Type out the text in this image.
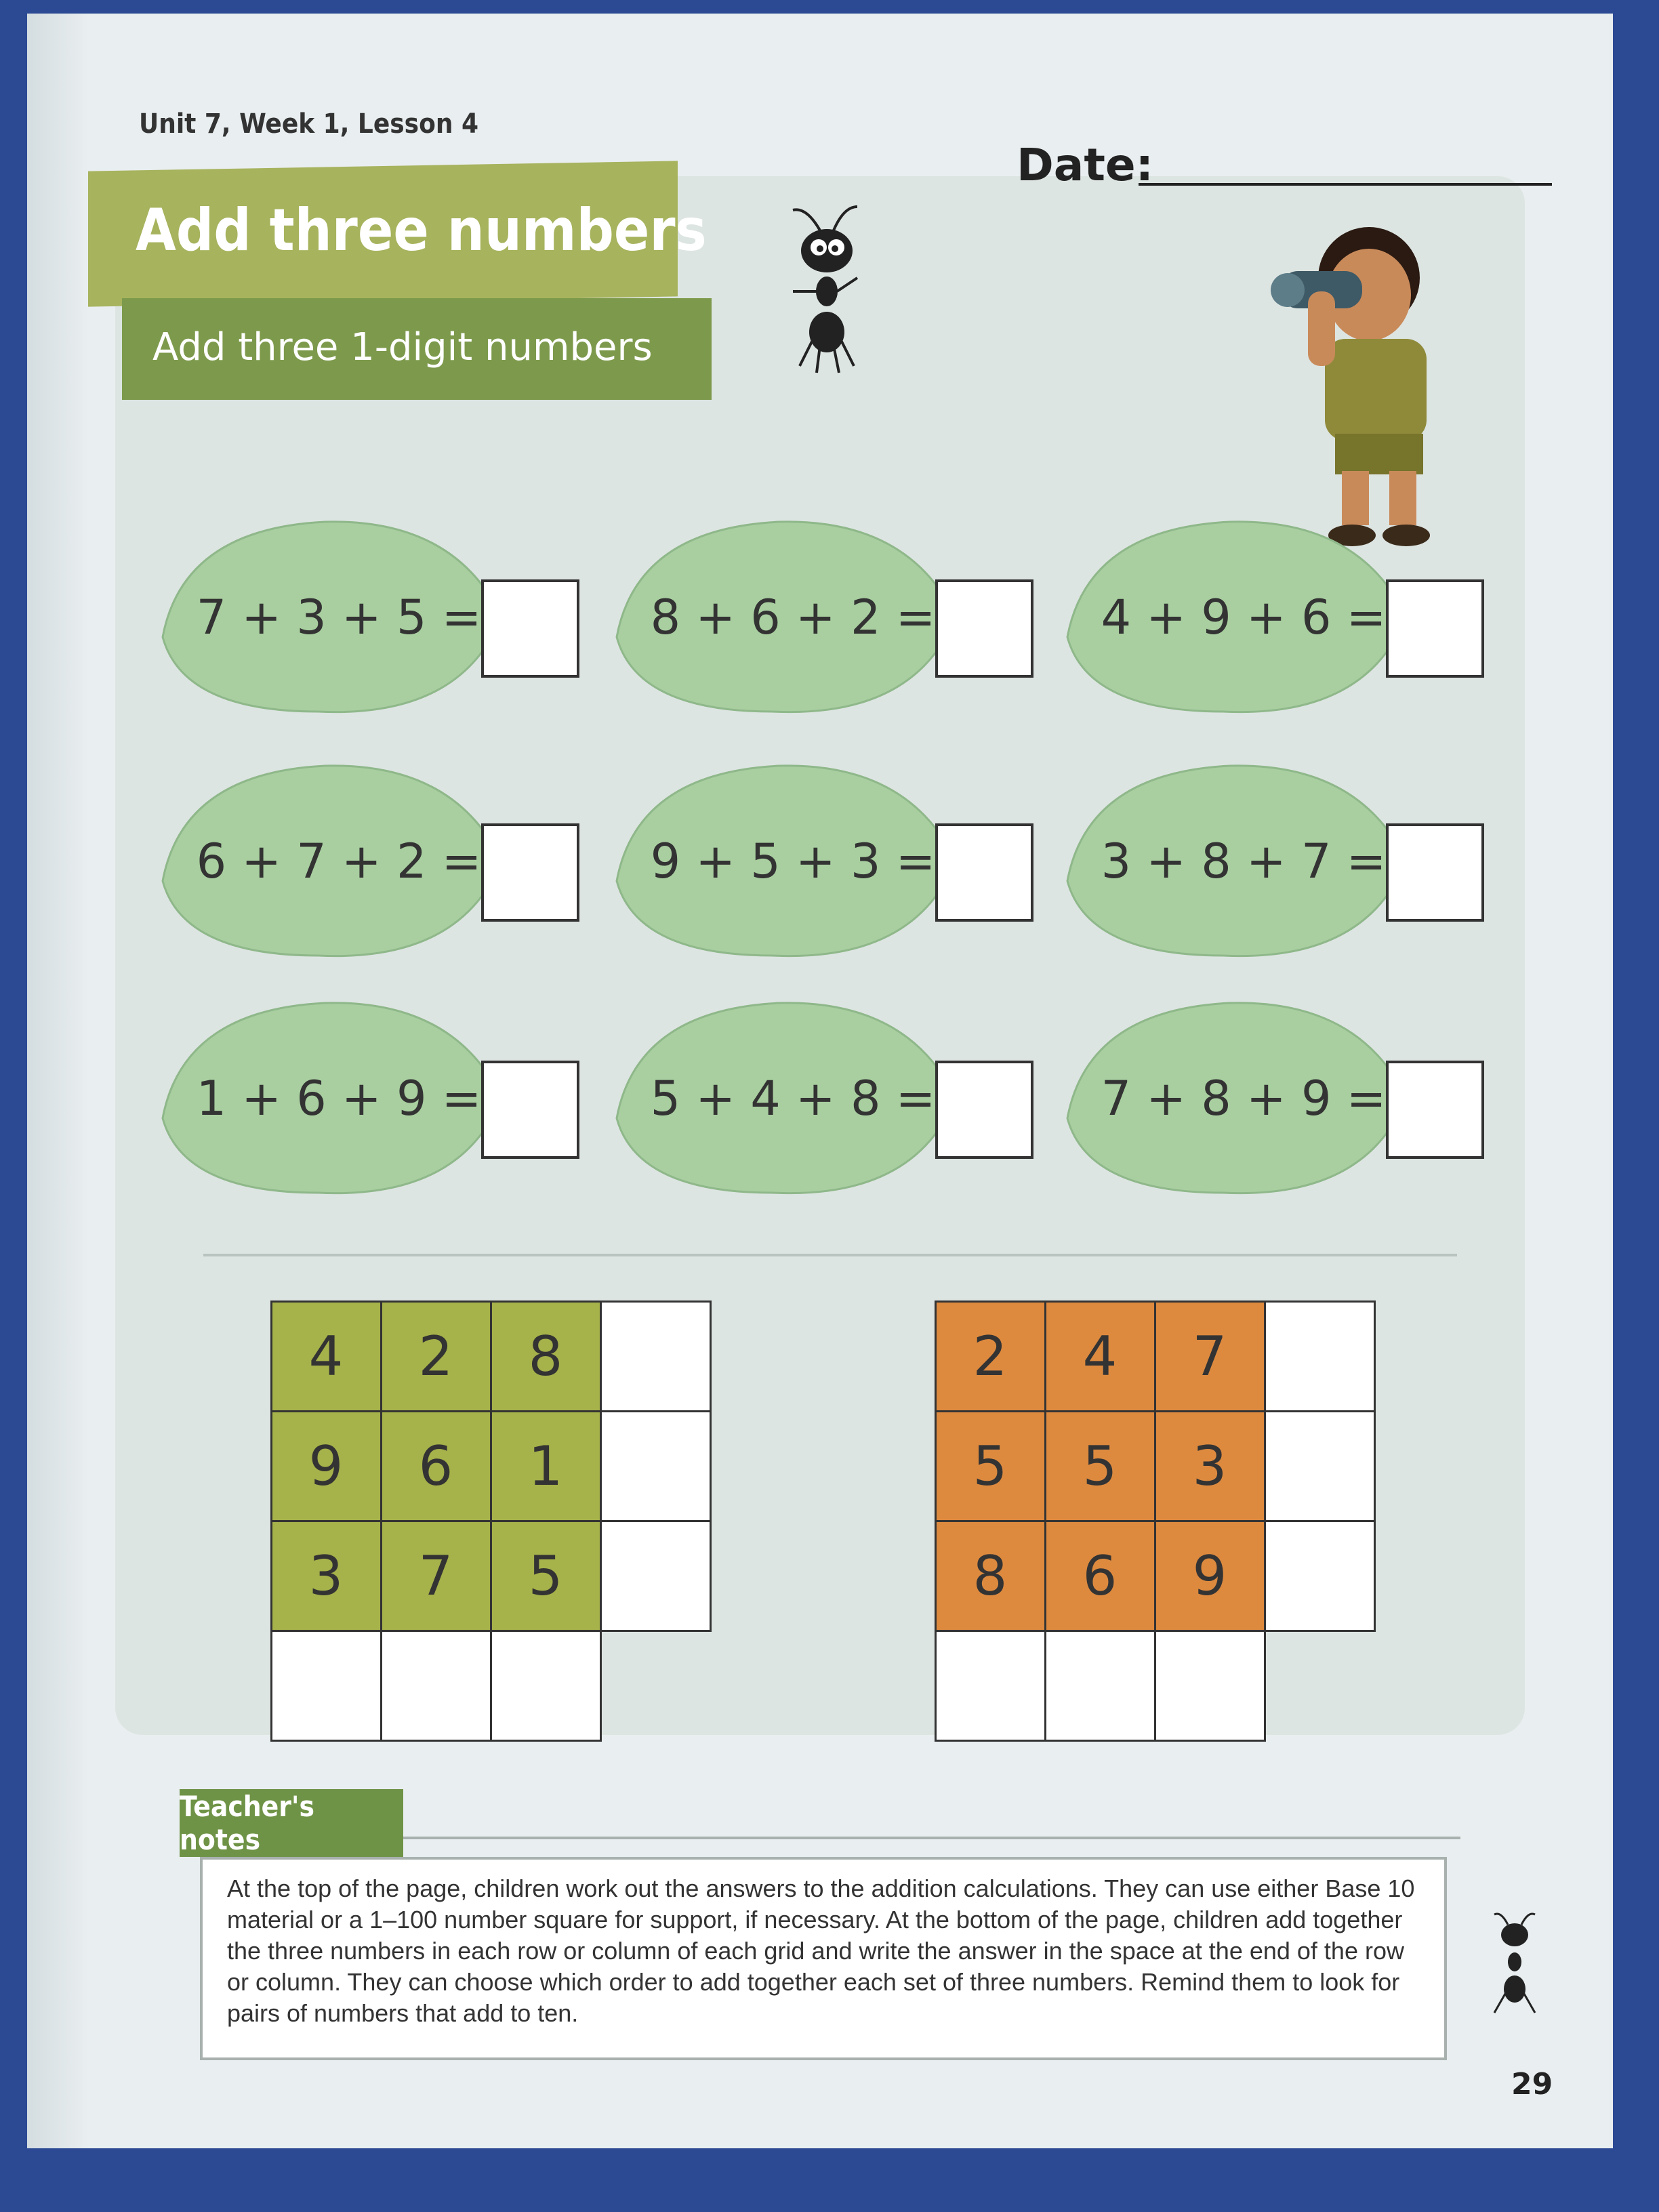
Unit 7, Week 1, Lesson 4
Date:
Add three numbers
Add three 1-digit numbers
7 + 3 + 5 =	8 + 6 + 2 =	4 + 9 + 6 =
6 + 7 + 2 =	9 + 5 + 3 =	3 + 8 + 7 =
1 + 6 + 9 =	5 + 4 + 8 =	7 + 8 + 9 =
4	2	8
9	6	1
3	7	5
2	4	7
5	5	3
8	6	9
Teacher's notes
At the top of the page, children work out the answers to the addition calculations. They can use either Base 10 material or a 1–100 number square for support, if necessary. At the bottom of the page, children add together the three numbers in each row or column of each grid and write the answer in the space at the end of the row or column. They can choose which order to add together each set of three numbers. Remind them to look for pairs of numbers that add to ten.
29
